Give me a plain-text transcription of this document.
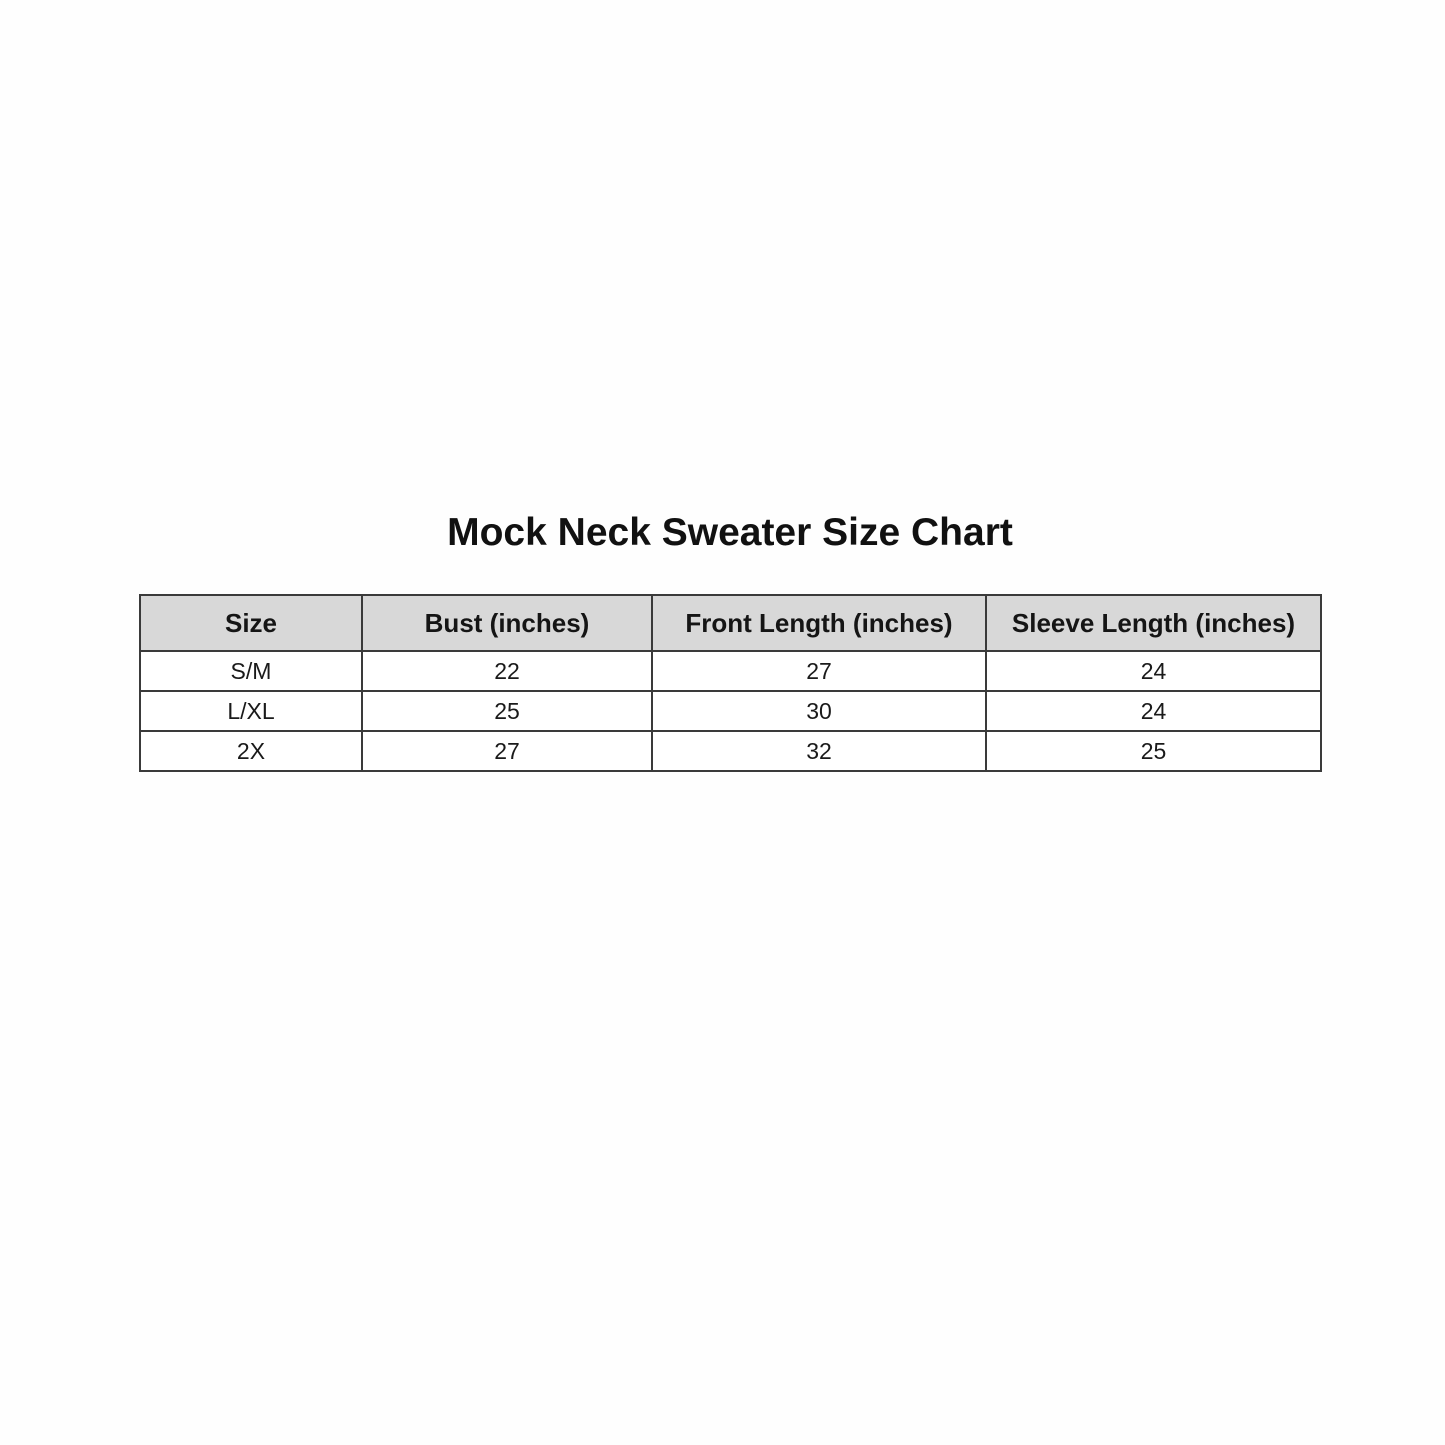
Mock Neck Sweater Size Chart
Size	Bust (inches)	Front Length (inches)	Sleeve Length (inches)
S/M	22	27	24
L/XL	25	30	24
2X	27	32	25
